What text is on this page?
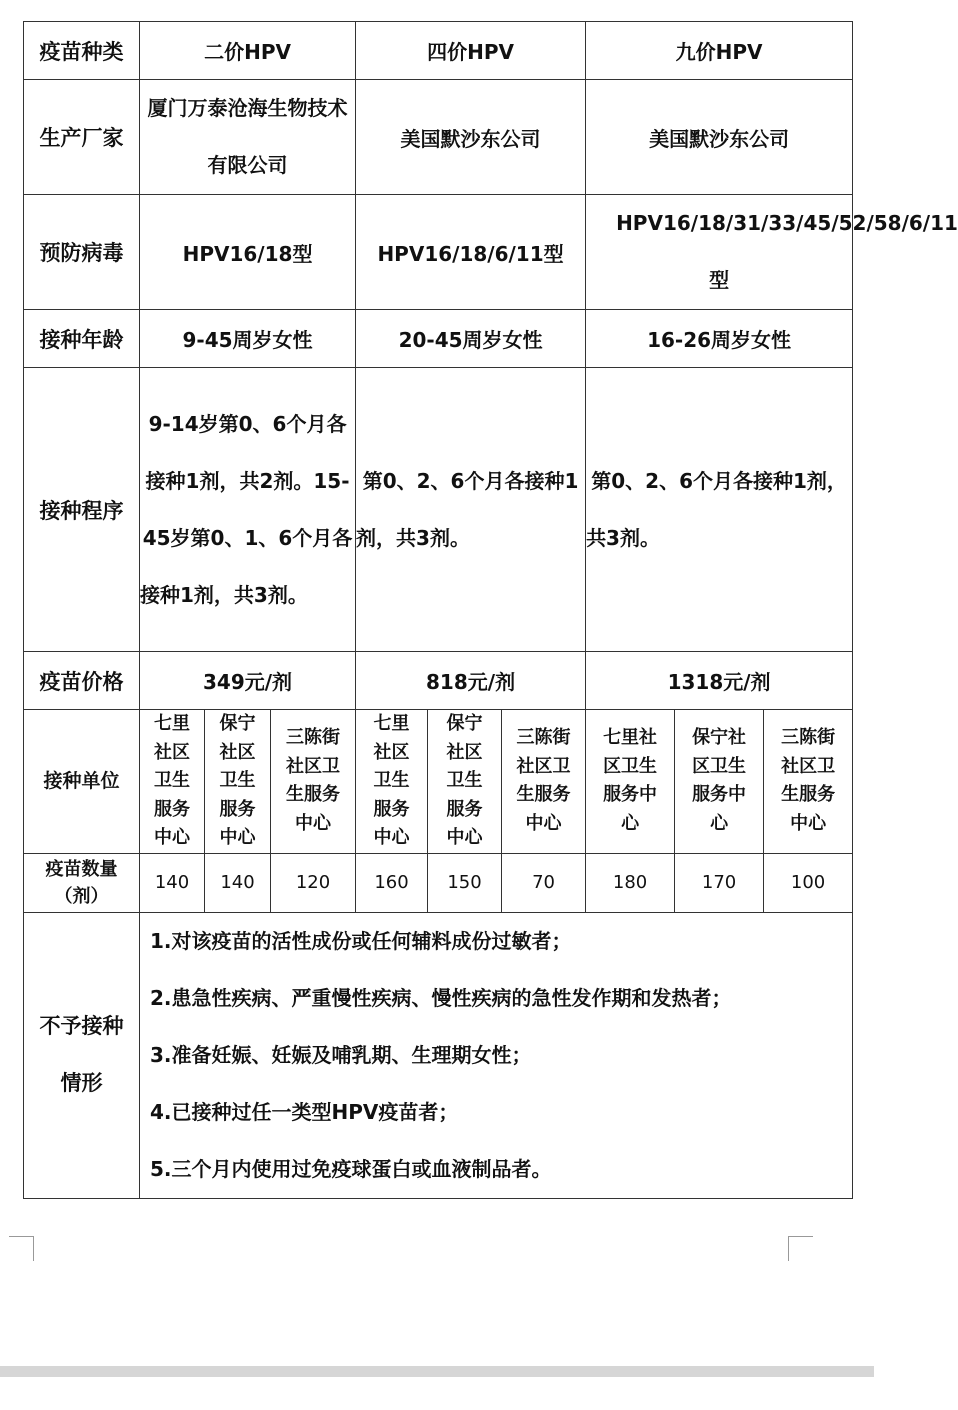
疫苗种类	二价HPV			四价HPV			九价HPV		
生产厂家	厦门万泰沧海生物技术有限公司			美国默沙东公司			美国默沙东公司		
预防病毒	HPV16/18型			HPV16/18/6/11型			HPV16/18/31/33/45/52/58/6/11型		
接种年龄	9-45周岁女性			20-45周岁女性			16-26周岁女性		
接种程序	9-14岁第0、6个月各接种1剂，共2剂。15-45岁第0、1、6个月各接种1剂，共3剂。			第0、2、6个月各接种1剂，共3剂。			第0、2、6个月各接种1剂，共3剂。		
疫苗价格	349元/剂			818元/剂			1318元/剂		
接种单位	七里社区卫生服务中心	保宁社区卫生服务中心	三陈街社区卫生服务中心	七里社区卫生服务中心	保宁社区卫生服务中心	三陈街社区卫生服务中心	七里社区卫生服务中心	保宁社区卫生服务中心	三陈街社区卫生服务中心
疫苗数量（剂）	140	140	120	160	150	70	180	170	100
不予接种情形	1.对该疫苗的活性成份或任何辅料成份过敏者；
2.患急性疾病、严重慢性疾病、慢性疾病的急性发作期和发热者；
3.准备妊娠、妊娠及哺乳期、生理期女性；
4.已接种过任一类型HPV疫苗者；
5.三个月内使用过免疫球蛋白或血液制品者。								
